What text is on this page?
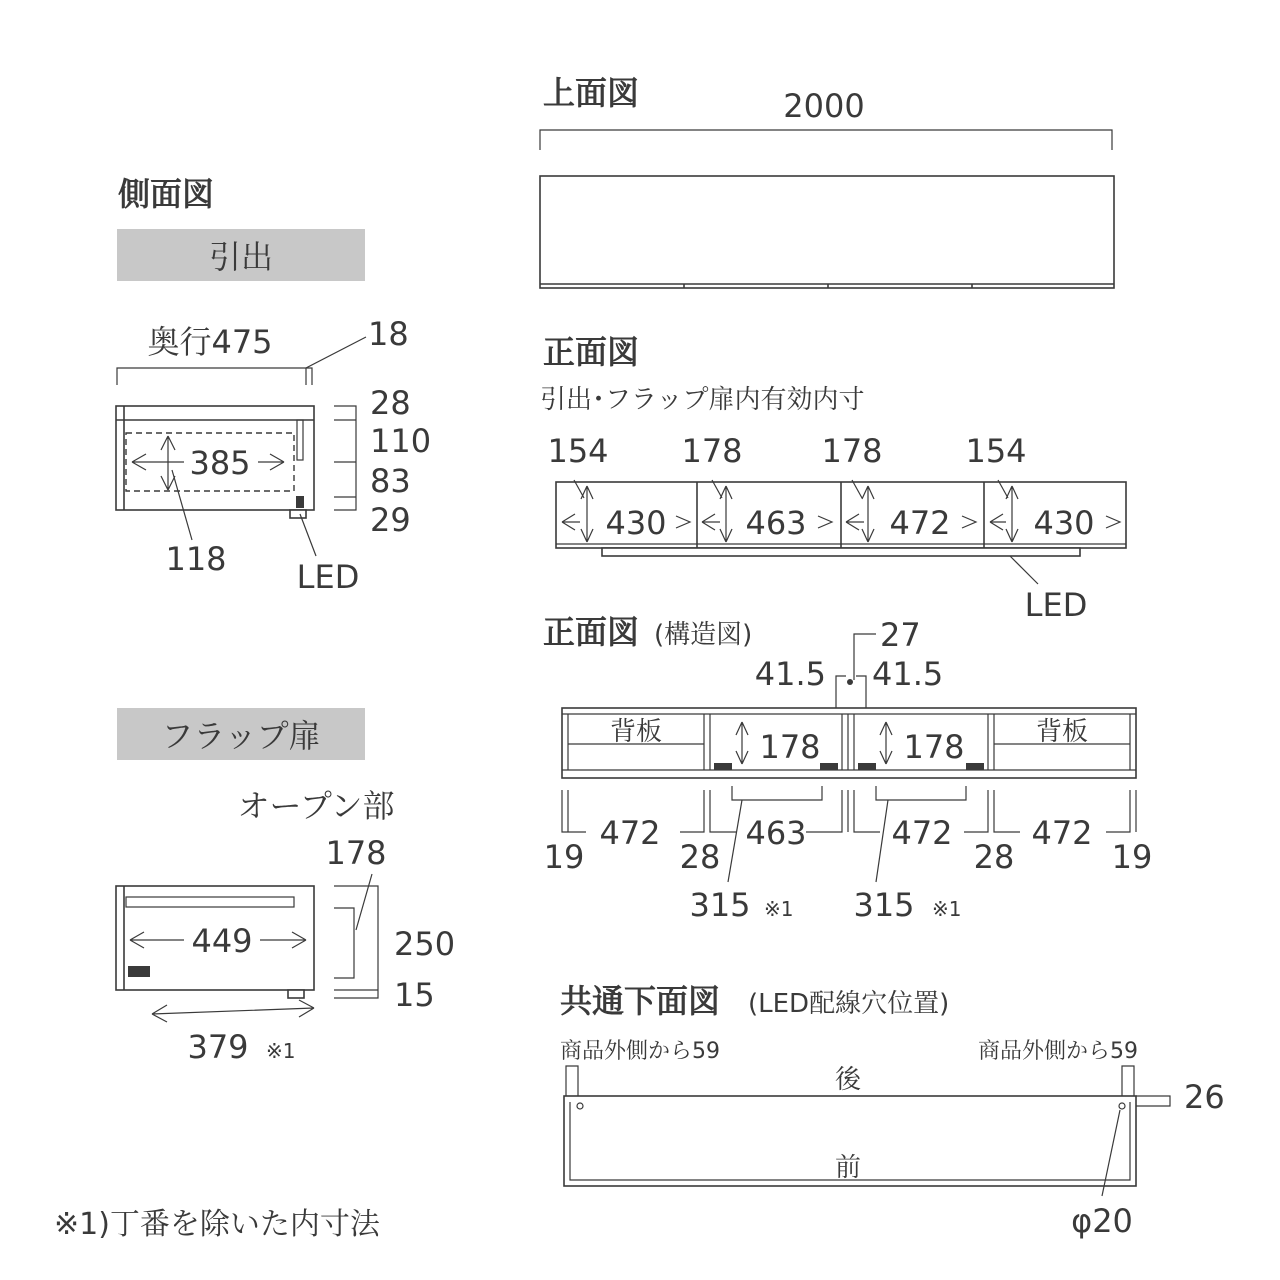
側面図
引出
奥行475	18
385
118 LED
28
110
83
29
フラップ扉
オープン部
178
449	250
15
379 ※1
上面図	2000
正面図
引出･フラップ扉内有効内寸
154 178 178	154
430 463	472	430
LED
正面図 (構造図)	27
41.5 41.5
背板	背板
178	178
472	463	472 472
19	28	28	19
315 ※1 315 ※1
共通下面図 (LED配線穴位置)
商品外側から59	商品外側から59
後
前
26
φ20
※1)丁番を除いた内寸法
